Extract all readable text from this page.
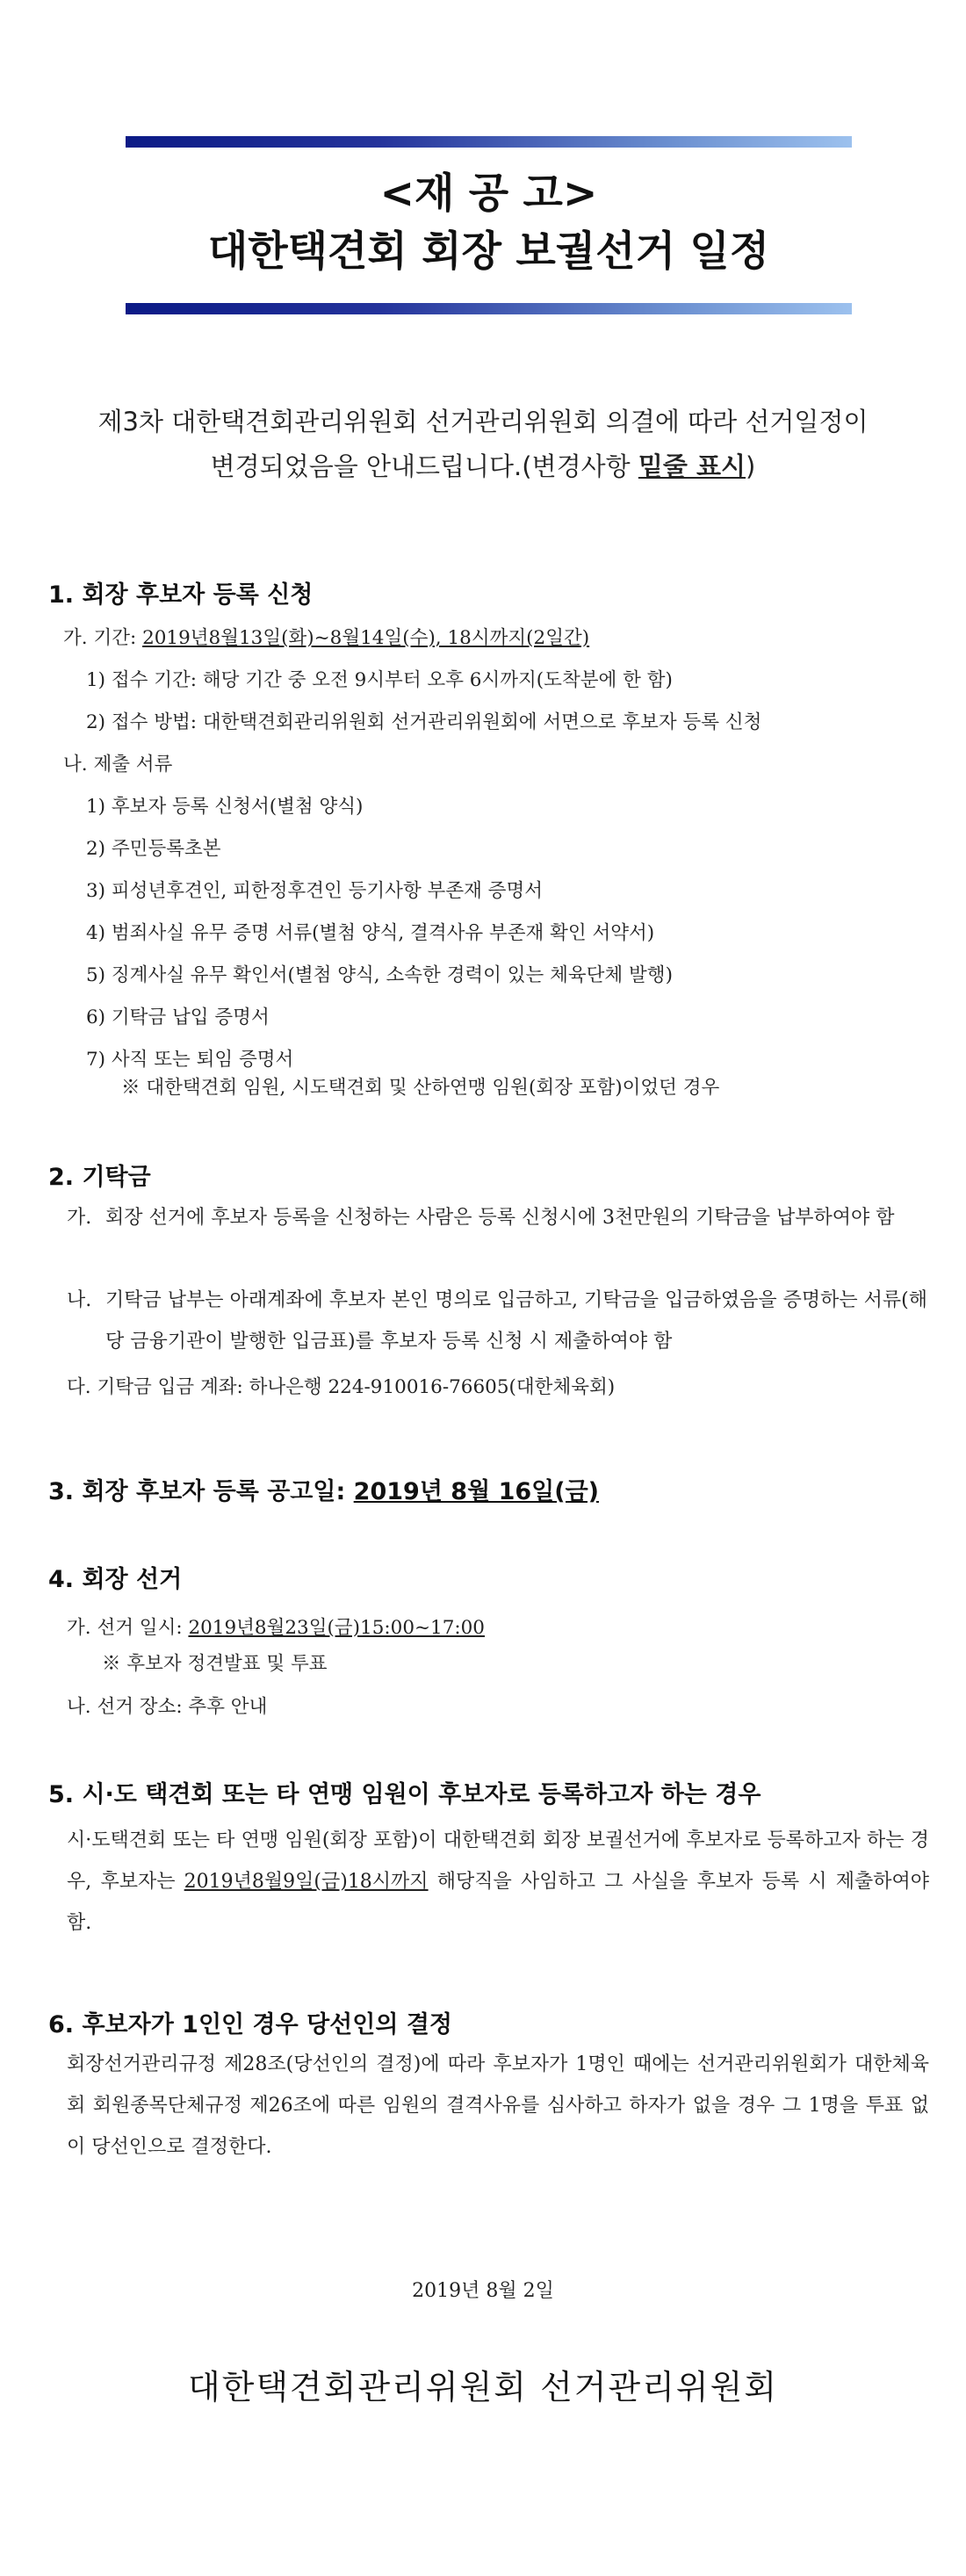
<재 공 고>
대한택견회 회장 보궐선거 일정
제3차 대한택견회관리위원회 선거관리위원회 의결에 따라 선거일정이
변경되었음을 안내드립니다.(변경사항 밑줄 표시)
1. 회장 후보자 등록 신청
가. 기간: 2019년8월13일(화)~8월14일(수), 18시까지(2일간)
1) 접수 기간: 해당 기간 중 오전 9시부터 오후 6시까지(도착분에 한 함)
2) 접수 방법: 대한택견회관리위원회 선거관리위원회에 서면으로 후보자 등록 신청
나. 제출 서류
1) 후보자 등록 신청서(별첨 양식)
2) 주민등록초본
3) 피성년후견인, 피한정후견인 등기사항 부존재 증명서
4) 범죄사실 유무 증명 서류(별첨 양식, 결격사유 부존재 확인 서약서)
5) 징계사실 유무 확인서(별첨 양식, 소속한 경력이 있는 체육단체 발행)
6) 기탁금 납입 증명서
7) 사직 또는 퇴임 증명서
※ 대한택견회 임원, 시도택견회 및 산하연맹 임원(회장 포함)이었던 경우
2. 기탁금
가. 회장 선거에 후보자 등록을 신청하는 사람은 등록 신청시에 3천만원의 기탁금을 납부하여야 함
나. 기탁금 납부는 아래계좌에 후보자 본인 명의로 입금하고, 기탁금을 입금하였음을 증명하는 서류(해당 금융기관이 발행한 입금표)를 후보자 등록 신청 시 제출하여야 함
다. 기탁금 입금 계좌: 하나은행 224-910016-76605(대한체육회)
3. 회장 후보자 등록 공고일: 2019년 8월 16일(금)
4. 회장 선거
가. 선거 일시: 2019년8월23일(금)15:00~17:00
※ 후보자 정견발표 및 투표
나. 선거 장소: 추후 안내
5. 시·도 택견회 또는 타 연맹 임원이 후보자로 등록하고자 하는 경우
시·도택견회 또는 타 연맹 임원(회장 포함)이 대한택견회 회장 보궐선거에 후보자로 등록하고자 하는 경우, 후보자는 2019년8월9일(금)18시까지 해당직을 사임하고 그 사실을 후보자 등록 시 제출하여야 함.
6. 후보자가 1인인 경우 당선인의 결정
회장선거관리규정 제28조(당선인의 결정)에 따라 후보자가 1명인 때에는 선거관리위원회가 대한체육회 회원종목단체규정 제26조에 따른 임원의 결격사유를 심사하고 하자가 없을 경우 그 1명을 투표 없이 당선인으로 결정한다.
2019년 8월 2일
대한택견회관리위원회 선거관리위원회
